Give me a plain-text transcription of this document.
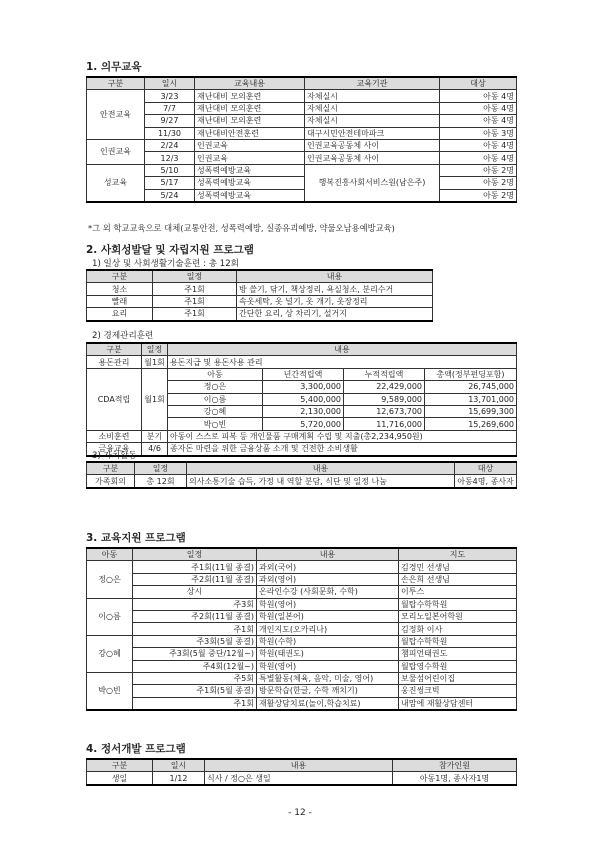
1. 의무교육
구분	일시	교육내용	교육기관	대상
안전교육	3/23	재난대비 모의훈련	자체실시	아동 4명
	7/7	재난대비 모의훈련	자체실시	아동 4명
	9/27	재난대비 모의훈련	자체실시	아동 4명
	11/30	재난대비안전훈련	대구시민안전테마파크	아동 3명
인권교육	2/24	인권교육	인권교육공동체 사이	아동 4명
	12/3	인권교육	인권교육공동체 사이	아동 4명
성교육	5/10	성폭력예방교육	행복진흥사회서비스원(남은주)	아동 2명
	5/17	성폭력예방교육		아동 2명
	5/24	성폭력예방교육		아동 2명
*그 외 학교교육으로 대체(교통안전, 성폭력예방, 실종유괴예방, 약물오남용예방교육)
2. 사회성발달 및 자립지원 프로그램
1) 일상 및 사회생활기술훈련 : 총 12회
구분	일정	내용
청소	주1회	방 쓸기, 닦기, 책상정리, 욕실청소, 분리수거
빨래	주1회	속옷세탁, 옷 널기, 옷 개기, 옷장정리
요리	주1회	간단한 요리, 상 차리기, 설거지
2) 경제관리훈련
구분	일정	내용			
용돈관리	월1회	용돈지급 및 용돈사용 관리			
CDA적립	월1회	아동	년간적립액	누적적립액	총액(정부펀딩포함)
		정○은	3,300,000	22,429,000	26,745,000
		이○름	5,400,000	9,589,000	13,701,000
		강○혜	2,130,000	12,673,700	15,699,300
		박○빈	5,720,000	11,716,000	15,269,600
소비훈련	분기	아동이 스스로 피복 등 개인물품 구매계획 수립 및 지출(총2,234,950원)			
금융교육	4/6	종자돈 마련을 위한 금융상품 소개 및 건전한 소비생활			
3) 자치활동
구분	일정	내용	대상
가족회의	총 12회	의사소통기술 습득, 가정 내 역할 분담, 식단 및 일정 나눔	아동4명, 종사자
3. 교육지원 프로그램
아동	일정	내용	지도
정○은	주1회(11월 종결)	과외(국어)	김경민 선생님
	주2회(11월 종결)	과외(영어)	손은희 선생님
	상시	온라인수강 (사회문화, 수학)	이투스
이○름	주3회	학원(영어)	월탑수학학원
	주2회(11월 종결)	학원(일본어)	모리노일본어학원
	주1회	개인지도(오카리나)	김정화 이사
강○혜	주3회(5월 종결)	학원(수학)	월탑수학학원
	주3회(5월 중단/12월~)	학원(태권도)	챔피언태권도
	주4회(12월~)	학원(영어)	월탑영수학원
박○빈	주5회	특별활동(체육, 음악, 미술, 영어)	보물섬어린이집
	주1회(5월 종결)	방문학습(한글, 수학 깨치기)	웅진씽크빅
	주1회	재활상담치료(놀이,학습치료)	내맘에 재활상담센터
4. 정서개발 프로그램
구분	일시	내용	참가인원
생일	1/12	식사 / 정○은 생일	아동1명, 종사자1명
- 12 -
